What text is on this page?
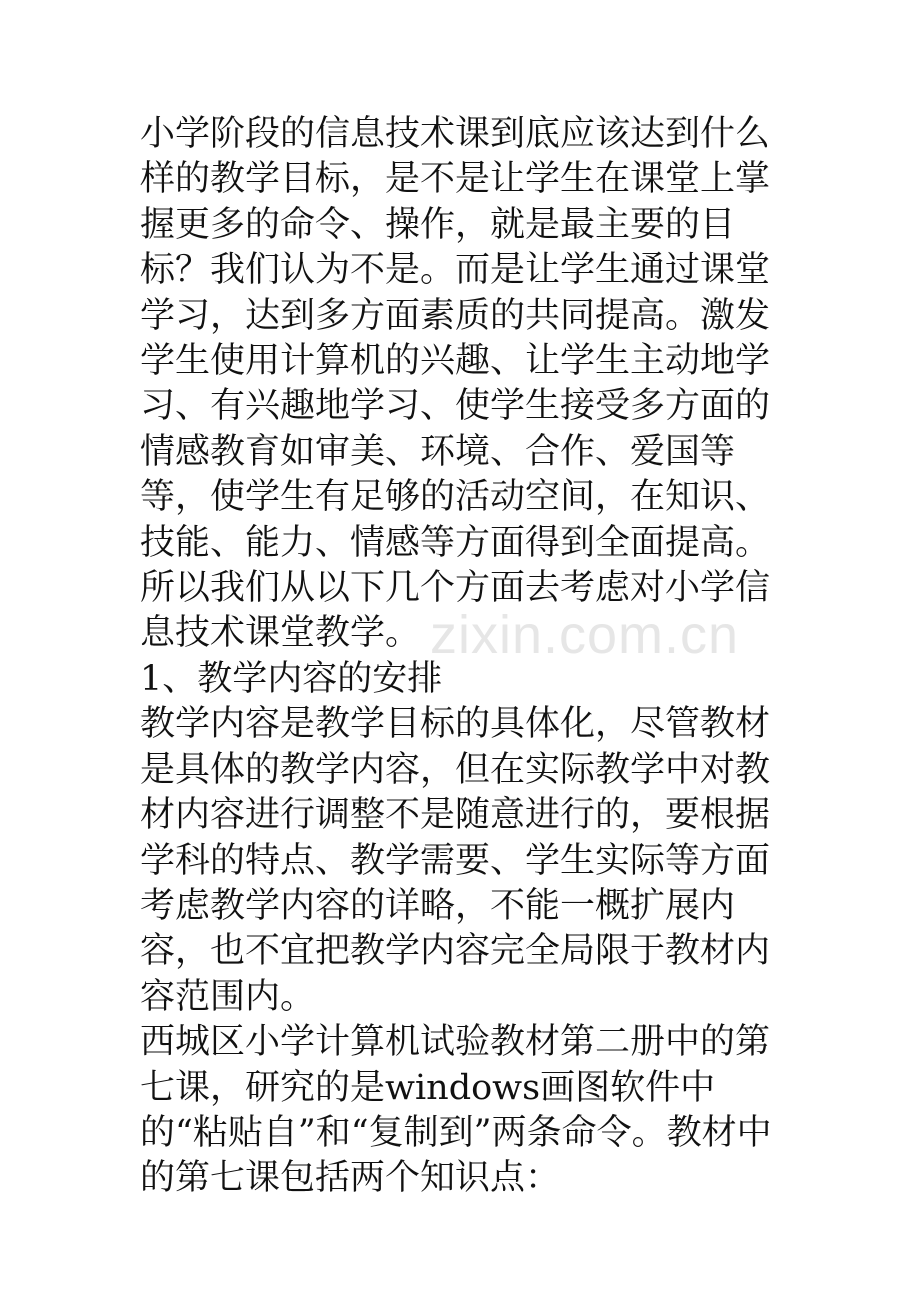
zixin.com.cn

小学阶段的信息技术课到底应该达到什么样的教学目标，是不是让学生在课堂上掌握更多的命令、操作，就是最主要的目标？我们认为不是。而是让学生通过课堂学习，达到多方面素质的共同提高。激发学生使用计算机的兴趣、让学生主动地学习、有兴趣地学习、使学生接受多方面的情感教育如审美、环境、合作、爱国等等，使学生有足够的活动空间，在知识、技能、能力、情感等方面得到全面提高。所以我们从以下几个方面去考虑对小学信息技术课堂教学。

1、教学内容的安排

教学内容是教学目标的具体化，尽管教材是具体的教学内容，但在实际教学中对教材内容进行调整不是随意进行的，要根据学科的特点、教学需要、学生实际等方面考虑教学内容的详略，不能一概扩展内容，也不宜把教学内容完全局限于教材内容范围内。

西城区小学计算机试验教材第二册中的第七课，研究的是windows画图软件中的“粘贴自”和“复制到”两条命令。教材中的第七课包括两个知识点：
